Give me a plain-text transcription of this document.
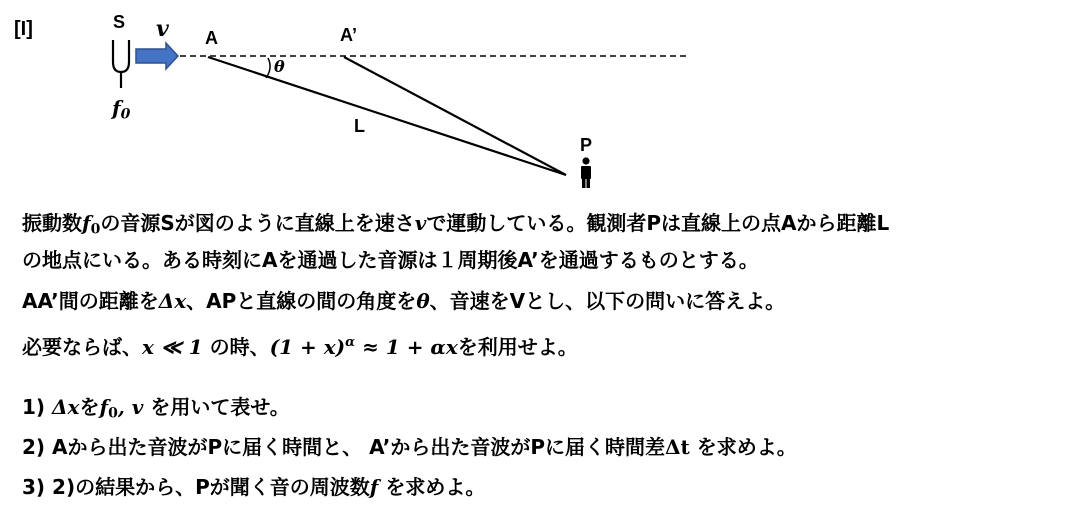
[I]	S v A	A’
θ
L
P
$f_0$
振動数$f_0$の音源Sが図のように直線上を速さvで運動している。観測者Pは直線上の点Aから距離L
の地点にいる。ある時刻にAを通過した音源は１周期後A’を通過するものとする。
AA’間の距離をΔx、APと直線の間の角度をθ、音速をVとし、以下の問いに答えよ。
必要ならば、x ≪ 1 の時、$(1 + x)^\alpha \approx 1 + \alpha x$を利用せよ。
1) Δxを$f_0$, v を用いて表せ。
2) Aから出た音波がPに届く時間と、 A’から出た音波がPに届く時間差Δt を求めよ。
3) 2)の結果から、Pが聞く音の周波数f を求めよ。
